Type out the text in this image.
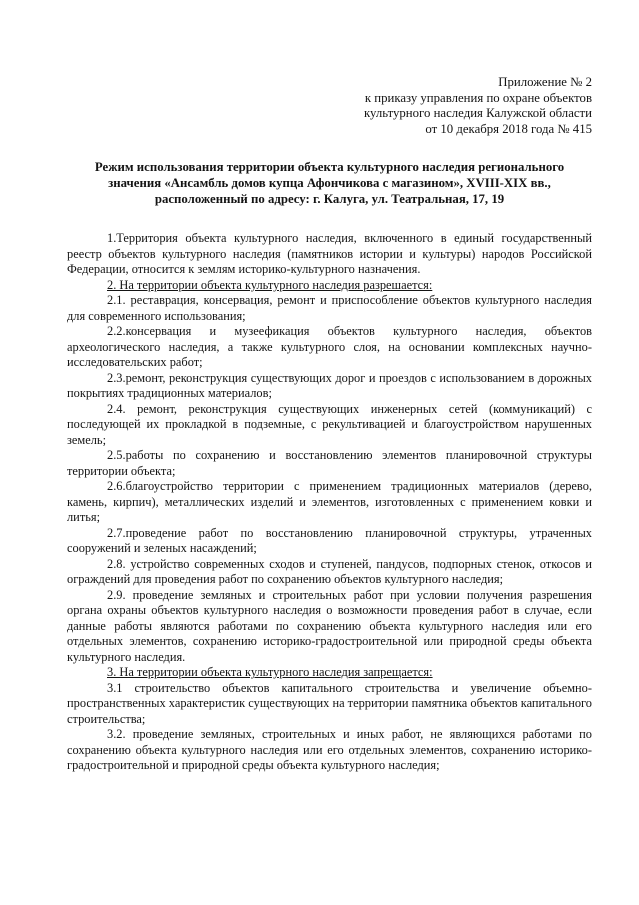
Приложение № 2
к приказу управления по охране объектов
культурного наследия Калужской области
от 10 декабря 2018 года № 415
Режим использования территории объекта культурного наследия регионального значения «Ансамбль домов купца Афончикова с магазином», XVIII-XIX вв., расположенный по адресу: г. Калуга, ул. Театральная, 17, 19

1.Территория объекта культурного наследия, включенного в единый государственный реестр объектов культурного наследия (памятников истории и культуры) народов Российской Федерации, относится к землям историко-культурного назначения.

2. На территории объекта культурного наследия разрешается:

2.1. реставрация, консервация, ремонт и приспособление объектов культурного наследия для современного использования;

2.2.консервация и музеефикация объектов культурного наследия, объектов археологического наследия, а также культурного слоя, на основании комплексных научно-исследовательских работ;

2.3.ремонт, реконструкция существующих дорог и проездов с использованием в дорожных покрытиях традиционных материалов;

2.4. ремонт, реконструкция существующих инженерных сетей (коммуникаций) с последующей их прокладкой в подземные, с рекультивацией и благоустройством нарушенных земель;

2.5.работы по сохранению и восстановлению элементов планировочной структуры территории объекта;

2.6.благоустройство территории с применением традиционных материалов (дерево, камень, кирпич), металлических изделий и элементов, изготовленных с применением ковки и литья;

2.7.проведение работ по восстановлению планировочной структуры, утраченных сооружений и зеленых насаждений;

2.8. устройство современных сходов и ступеней, пандусов, подпорных стенок, откосов и ограждений для проведения работ по сохранению объектов культурного наследия;

2.9. проведение земляных и строительных работ при условии получения разрешения органа охраны объектов культурного наследия о возможности проведения работ в случае, если данные работы являются работами по сохранению объекта культурного наследия или его отдельных элементов, сохранению историко-градостроительной или природной среды объекта культурного наследия.

3. На территории объекта культурного наследия запрещается:

3.1 строительство объектов капитального строительства и увеличение объемно-пространственных характеристик существующих на территории памятника объектов капитального строительства;

3.2. проведение земляных, строительных и иных работ, не являющихся работами по сохранению объекта культурного наследия или его отдельных элементов, сохранению историко-градостроительной и природной среды объекта культурного наследия;
